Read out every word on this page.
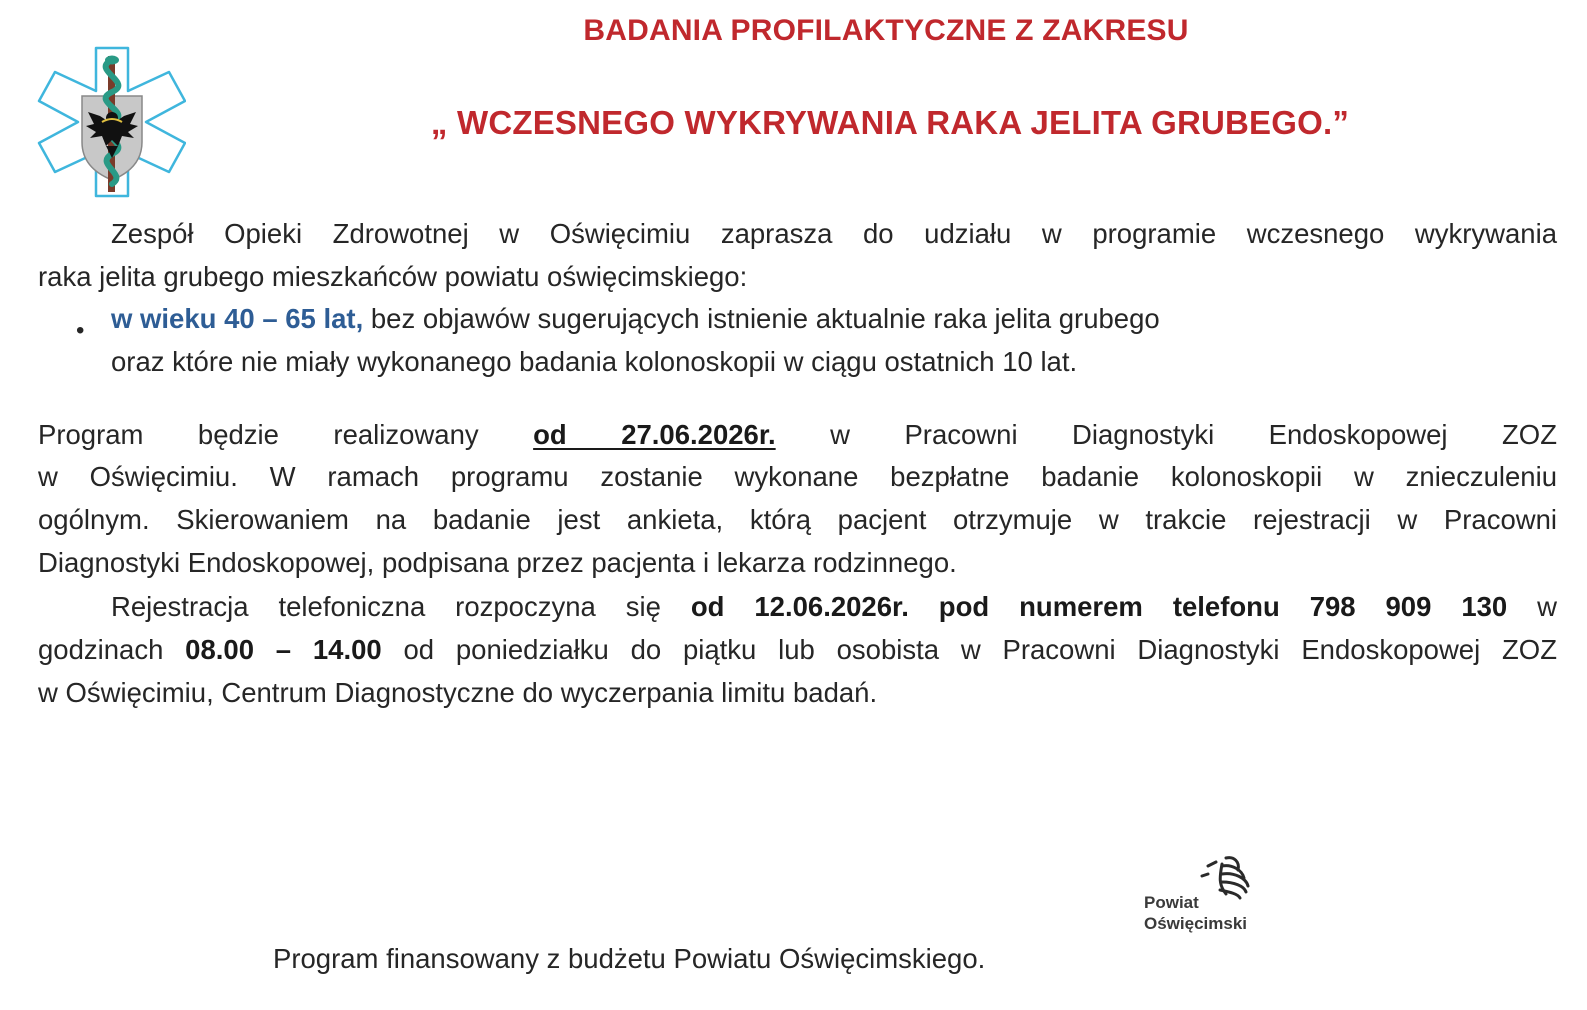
BADANIA PROFILAKTYCZNE Z ZAKRESU
„ WCZESNEGO WYKRYWANIA RAKA JELITA GRUBEGO.”
Zespół Opieki Zdrowotnej w Oświęcimiu zaprasza do udziału w programie wczesnego wykrywania
raka jelita grubego mieszkańców powiatu oświęcimskiego:
• w wieku 40 – 65 lat, bez objawów sugerujących istnienie aktualnie raka jelita grubego
oraz które nie miały wykonanego badania kolonoskopii w ciągu ostatnich 10 lat.
Program będzie realizowany od 27.06.2026r. w Pracowni Diagnostyki Endoskopowej ZOZ
w Oświęcimiu. W ramach programu zostanie wykonane bezpłatne badanie kolonoskopii w znieczuleniu
ogólnym. Skierowaniem na badanie jest ankieta, którą pacjent otrzymuje w trakcie rejestracji w Pracowni
Diagnostyki Endoskopowej, podpisana przez pacjenta i lekarza rodzinnego.
Rejestracja telefoniczna rozpoczyna się od 12.06.2026r. pod numerem telefonu 798 909 130 w
godzinach 08.00 – 14.00 od poniedziałku do piątku lub osobista w Pracowni Diagnostyki Endoskopowej ZOZ
w Oświęcimiu, Centrum Diagnostyczne do wyczerpania limitu badań.
Powiat
Oświęcimski
Program finansowany z budżetu Powiatu Oświęcimskiego.
